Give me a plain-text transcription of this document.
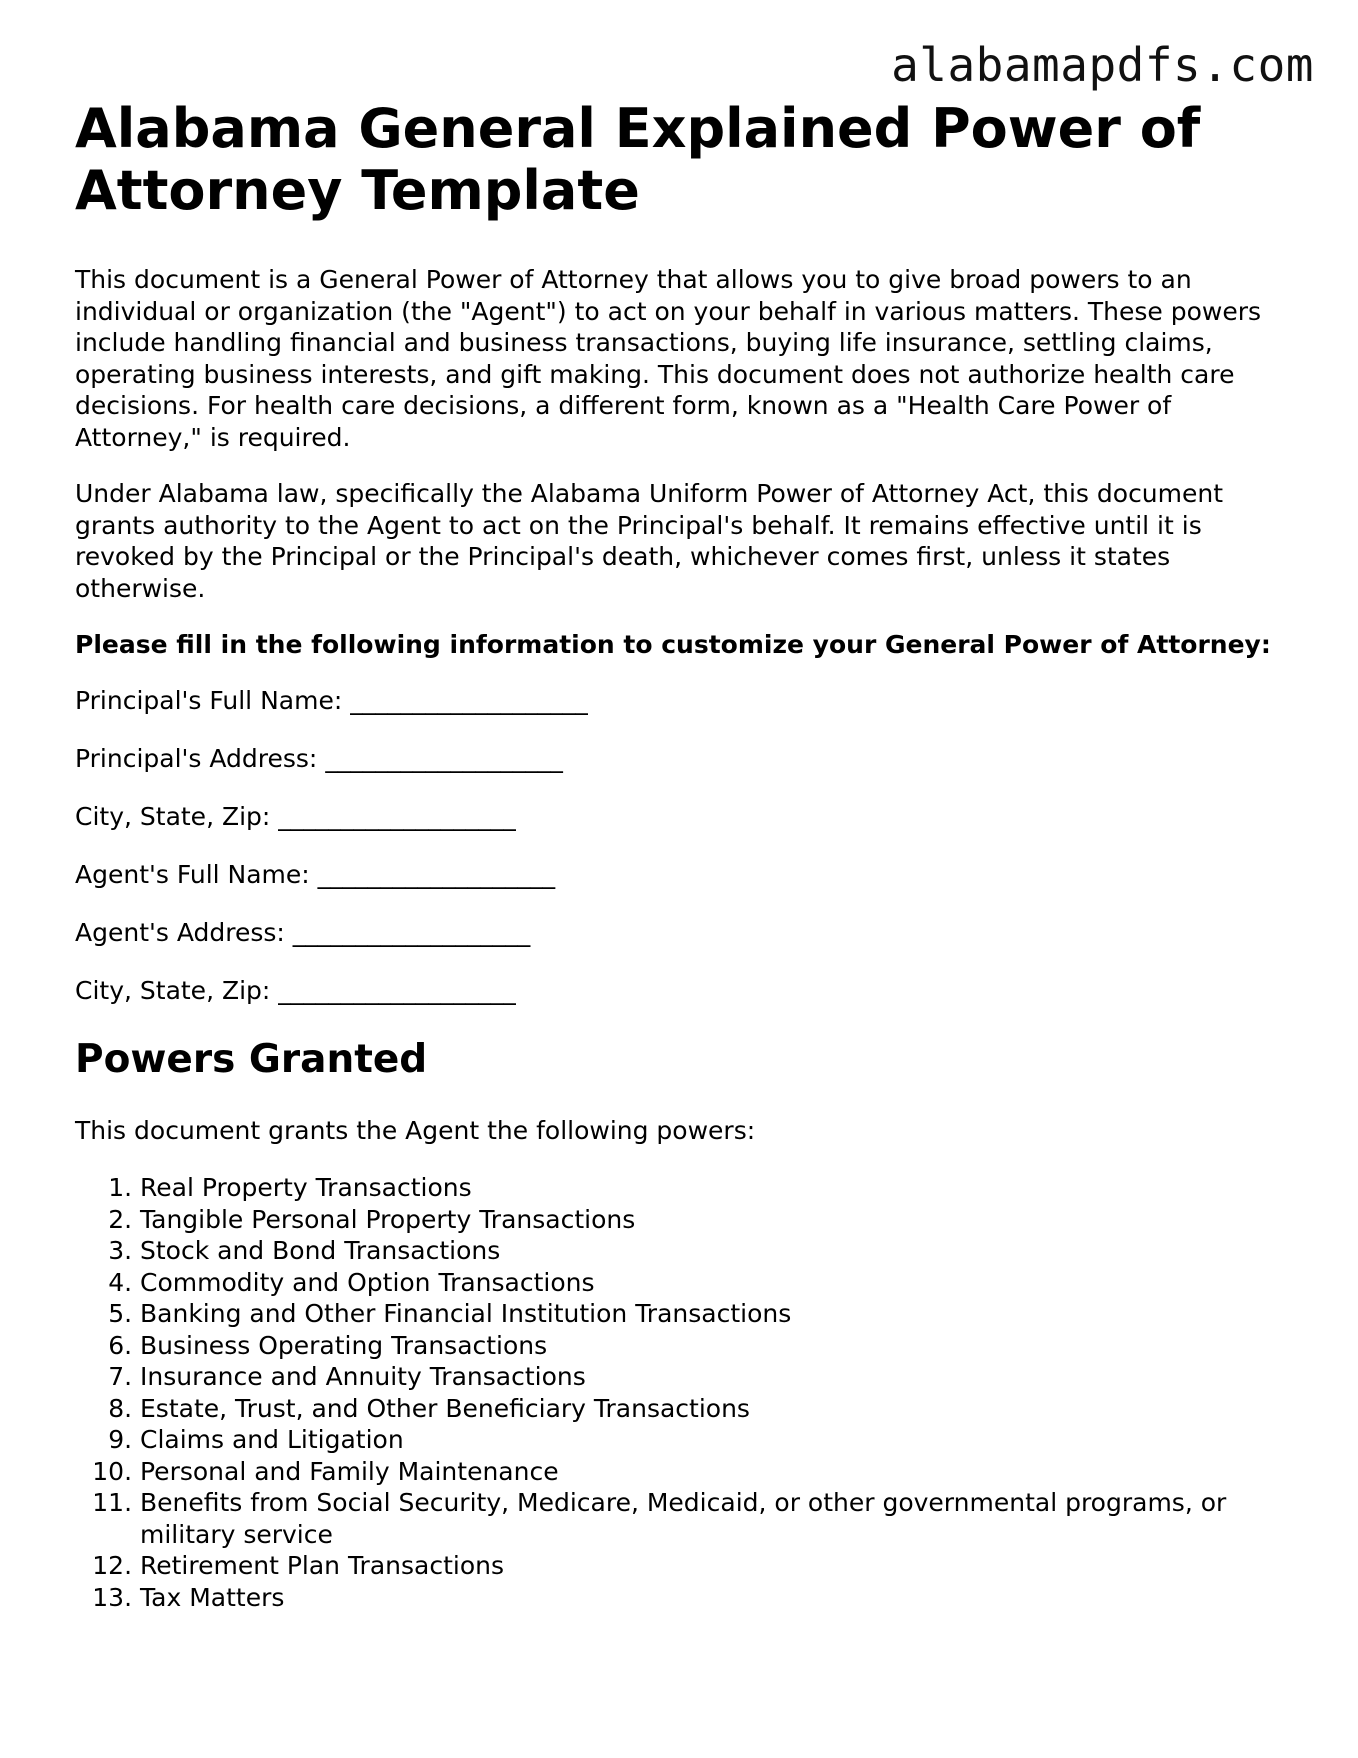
alabamapdfs.com
Alabama General Explained Power of Attorney Template

This document is a General Power of Attorney that allows you to give broad powers to an individual or organization (the "Agent") to act on your behalf in various matters. These powers include handling financial and business transactions, buying life insurance, settling claims, operating business interests, and gift making. This document does not authorize health care decisions. For health care decisions, a different form, known as a "Health Care Power of Attorney," is required.

Under Alabama law, specifically the Alabama Uniform Power of Attorney Act, this document grants authority to the Agent to act on the Principal's behalf. It remains effective until it is revoked by the Principal or the Principal's death, whichever comes first, unless it states otherwise.

Please fill in the following information to customize your General Power of Attorney:

Principal's Full Name: ___________________
Principal's Address: ___________________
City, State, Zip: ___________________
Agent's Full Name: ___________________
Agent's Address: ___________________
City, State, Zip: ___________________
Powers Granted

This document grants the Agent the following powers:

1. Real Property Transactions
2. Tangible Personal Property Transactions
3. Stock and Bond Transactions
4. Commodity and Option Transactions
5. Banking and Other Financial Institution Transactions
6. Business Operating Transactions
7. Insurance and Annuity Transactions
8. Estate, Trust, and Other Beneficiary Transactions
9. Claims and Litigation
10. Personal and Family Maintenance
11. Benefits from Social Security, Medicare, Medicaid, or other governmental programs, or military service
12. Retirement Plan Transactions
13. Tax Matters
